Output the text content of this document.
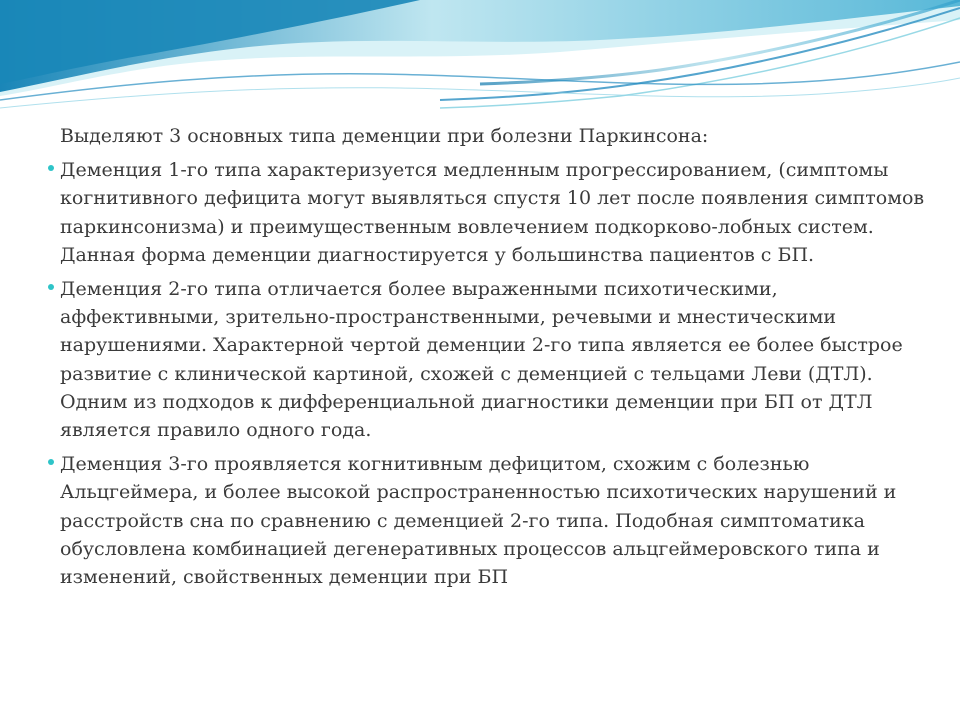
Выделяют 3 основных типа деменции при болезни Паркинсона:

Деменция 1-го типа характеризуется медленным прогрессированием, (симптомы когнитивного дефицита могут выявляться спустя 10 лет после появления симптомов паркинсонизма) и преимущественным вовлечением подкорково-лобных систем. Данная форма деменции диагностируется у большинства пациентов с БП.
Деменция 2-го типа отличается более выраженными психотическими, аффективными, зрительно-пространственными, речевыми и мнестическими нарушениями. Характерной чертой деменции 2-го типа является ее более быстрое развитие с клинической картиной, схожей с деменцией с тельцами Леви (ДТЛ). Одним из подходов к дифференциальной диагностики деменции при БП от ДТЛ является правило одного года.
Деменция 3-го проявляется когнитивным дефицитом, схожим с болезнью Альцгеймера, и более высокой распространенностью психотических нарушений и расстройств сна по сравнению с деменцией 2-го типа. Подобная симптоматика обусловлена комбинацией дегенеративных процессов альцгеймеровского типа и изменений, свойственных деменции при БП
